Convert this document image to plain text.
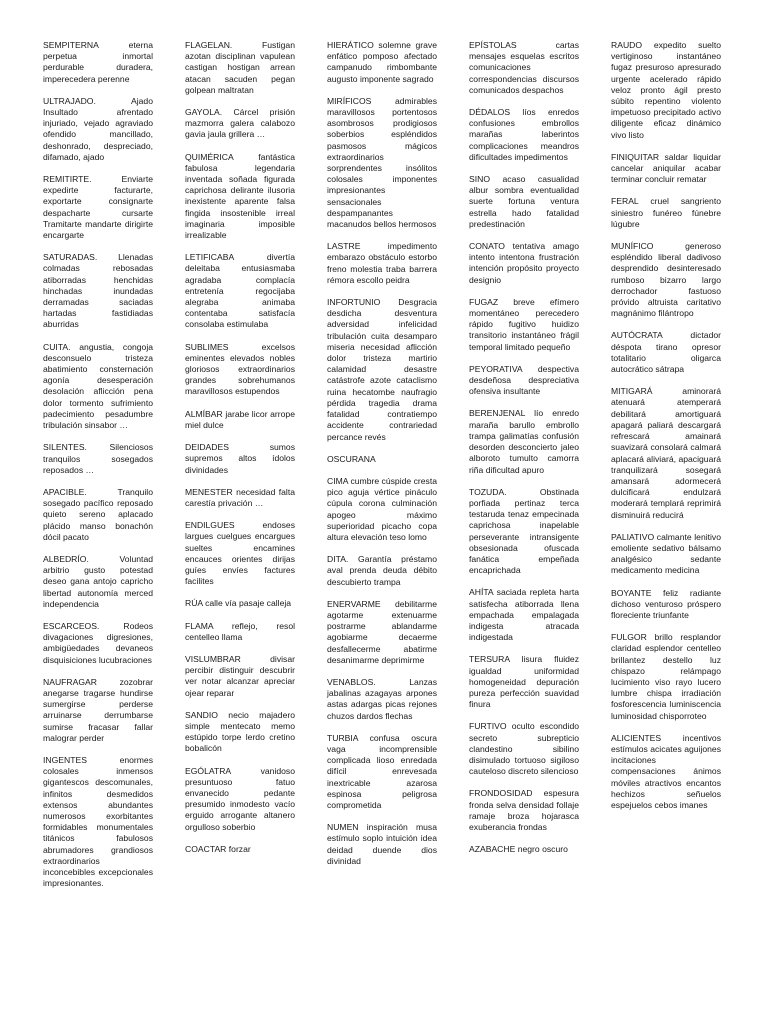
SEMPITERNA	eterna perpetua inmortal perdurable duradera, imperecedera perenne

ULTRAJADO.	Ajado Insultado afrentado injuriado, vejado agraviado ofendido mancillado, deshonrado, despreciado, difamado, ajado

REMITIRTE.	Enviarte expedirte facturarte, exportarte consignarte despacharte cursarte Tramitarte mandarte dirigirte encargarte

SATURADAS. Llenadas colmadas rebosadas atiborradas henchidas hinchadas inundadas derramadas saciadas hartadas fastidiadas aburridas

CUITA. angustia, congoja desconsuelo tristeza abatimiento consternación agonía desesperación desolación aflicción pena dolor tormento sufrimiento padecimiento pesadumbre tribulación sinsabor …

SILENTES.	Silenciosos tranquilos sosegados reposados …

APACIBLE.	Tranquilo sosegado pacífico reposado quieto sereno aplacado plácido manso bonachón dócil pacato

ALBEDRÍO.	Voluntad arbitrio gusto potestad deseo gana antojo capricho libertad autonomía merced independencia

ESCARCEOS.	Rodeos divagaciones digresiones, ambigüedades devaneos disquisiciones lucubraciones

NAUFRAGAR	zozobrar anegarse tragarse hundirse sumergirse perderse arruinarse derrumbarse sumirse fracasar fallar malograr perder

INGENTES	enormes colosales inmensos gigantescos descomunales, infinitos desmedidos extensos abundantes numerosos exorbitantes formidables monumentales titánicos fabulosos abrumadores grandiosos extraordinarios inconcebibles excepcionales impresionantes.

FLAGELAN.	Fustigan azotan disciplinan vapulean castigan hostigan arrean atacan sacuden pegan golpean maltratan

GAYOLA. Cárcel prisión mazmorra galera calabozo gavia jaula grillera …

QUIMÉRICA	fantástica fabulosa legendaria inventada soñada figurada caprichosa delirante ilusoria inexistente aparente falsa fingida insostenible irreal imaginaria imposible irrealizable

LETIFICABA	divertía deleitaba entusiasmaba agradaba complacía entretenía regocijaba alegraba animaba contentaba satisfacía consolaba estimulaba

SUBLIMES	excelsos eminentes elevados nobles gloriosos extraordinarios grandes sobrehumanos maravillosos estupendos

ALMÍBAR jarabe licor arrope miel dulce

DEIDADES	sumos supremos altos ídolos divinidades

MENESTER necesidad falta carestía privación …

ENDILGUES	endoses largues cuelgues encargues sueltes encamines encauces orientes dirijas guíes envíes factures facilites

RÚA calle vía pasaje calleja

FLAMA reflejo, resol centelleo llama

VISLUMBRAR	divisar percibir distinguir descubrir ver notar alcanzar apreciar ojear reparar

SANDIO necio majadero simple mentecato memo estúpido torpe lerdo cretino bobalicón

EGÓLATRA	vanidoso presuntuoso fatuo envanecido pedante presumido inmodesto vacío erguido arrogante altanero orgulloso soberbio

COACTAR forzar

HIERÁTICO solemne grave enfático pomposo afectado campanudo rimbombante augusto imponente sagrado

MIRÍFICOS	admirables maravillosos portentosos asombrosos prodigiosos soberbios espléndidos pasmosos mágicos extraordinarios sorprendentes insólitos colosales imponentes impresionantes sensacionales despampanantes macanudos bellos hermosos

LASTRE	impedimento embarazo obstáculo estorbo freno molestia traba barrera rémora escollo peidra

INFORTUNIO Desgracia desdicha desventura adversidad infelicidad tribulación cuita desamparo miseria necesidad aflicción dolor tristeza martirio calamidad desastre catástrofe azote cataclismo ruina hecatombe naufragio pérdida tragedia drama fatalidad contratiempo accidente contrariedad percance revés

OSCURANA

CIMA cumbre cúspide cresta pico aguja vértice pináculo cúpula corona culminación apogeo máximo superioridad picacho copa altura elevación teso lomo

DITA. Garantía préstamo aval prenda deuda débito descubierto trampa

ENERVARME debilitarme agotarme extenuarme postrarme ablandarme agobiarme decaerme desfallecerme abatirme desanimarme deprimirme

VENABLOS.	Lanzas jabalinas azagayas arpones astas adargas picas rejones chuzos dardos flechas

TURBIA confusa oscura vaga incomprensible complicada lioso enredada difícil enrevesada inextricable azarosa espinosa peligrosa comprometida

NUMEN inspiración musa estímulo soplo intuición idea deidad duende dios divinidad

EPÍSTOLAS	cartas mensajes esquelas escritos comunicaciones correspondencias discursos comunicados despachos

DÉDALOS líos enredos confusiones embrollos marañas laberintos complicaciones meandros dificultades impedimentos

SINO acaso casualidad albur sombra eventualidad suerte fortuna ventura estrella hado fatalidad predestinación

CONATO tentativa amago intento intentona frustración intención propósito proyecto designio

FUGAZ breve efímero momentáneo perecedero rápido fugitivo huidizo transitorio instantáneo frágil temporal limitado pequeño

PEYORATIVA despectiva desdeñosa despreciativa ofensiva insultante

BERENJENAL lío enredo maraña barullo embrollo trampa galimatías confusión desorden desconcierto jaleo alboroto tumulto camorra riña dificultad apuro

TOZUDA.	Obstinada porfiada pertinaz terca testaruda tenaz empecinada caprichosa inapelable perseverante intransigente obsesionada ofuscada fanática empeñada encaprichada

AHÍTA saciada repleta harta satisfecha atiborrada llena empachada empalagada indigesta atracada indigestada

TERSURA lisura fluidez igualdad uniformidad homogeneidad depuración pureza perfección suavidad finura

FURTIVO oculto escondido secreto subrepticio clandestino sibilino disimulado tortuoso sigiloso cauteloso discreto silencioso

FRONDOSIDAD espesura fronda selva densidad follaje ramaje broza hojarasca exuberancia frondas

AZABACHE negro oscuro

RAUDO expedito suelto vertiginoso instantáneo fugaz presuroso apresurado urgente acelerado rápido veloz pronto ágil presto súbito repentino violento impetuoso precipitado activo diligente eficaz dinámico vivo listo

FINIQUITAR saldar liquidar cancelar aniquilar acabar terminar concluir rematar

FERAL cruel sangriento siniestro funéreo fúnebre lúgubre

MUNÍFICO	generoso espléndido liberal dadivoso desprendido desinteresado rumboso bizarro largo derrochador fastuoso próvido altruista caritativo magnánimo filántropo

AUTÓCRATA	dictador déspota tirano opresor totalitario oligarca autocrático sátrapa

MITIGARÁ	aminorará atenuará atemperará debilitará amortiguará apagará paliará descargará refrescará amainará suavizará consolará calmará aplacará aliviará, apaciguará tranquilizará sosegará amansará adormecerá dulcificará endulzará moderará templará reprimirá disminuirá reducirá

PALIATIVO calmante lenitivo emoliente sedativo bálsamo analgésico sedante medicamento medicina

BOYANTE feliz radiante dichoso venturoso próspero floreciente triunfante

FULGOR brillo resplandor claridad esplendor centelleo brillantez destello luz chispazo relámpago lucimiento viso rayo lucero lumbre chispa irradiación fosforescencia luminiscencia luminosidad chisporroteo

ALICIENTES	incentivos estímulos acicates aguijones incitaciones compensaciones ánimos móviles atractivos encantos hechizos señuelos espejuelos cebos imanes
